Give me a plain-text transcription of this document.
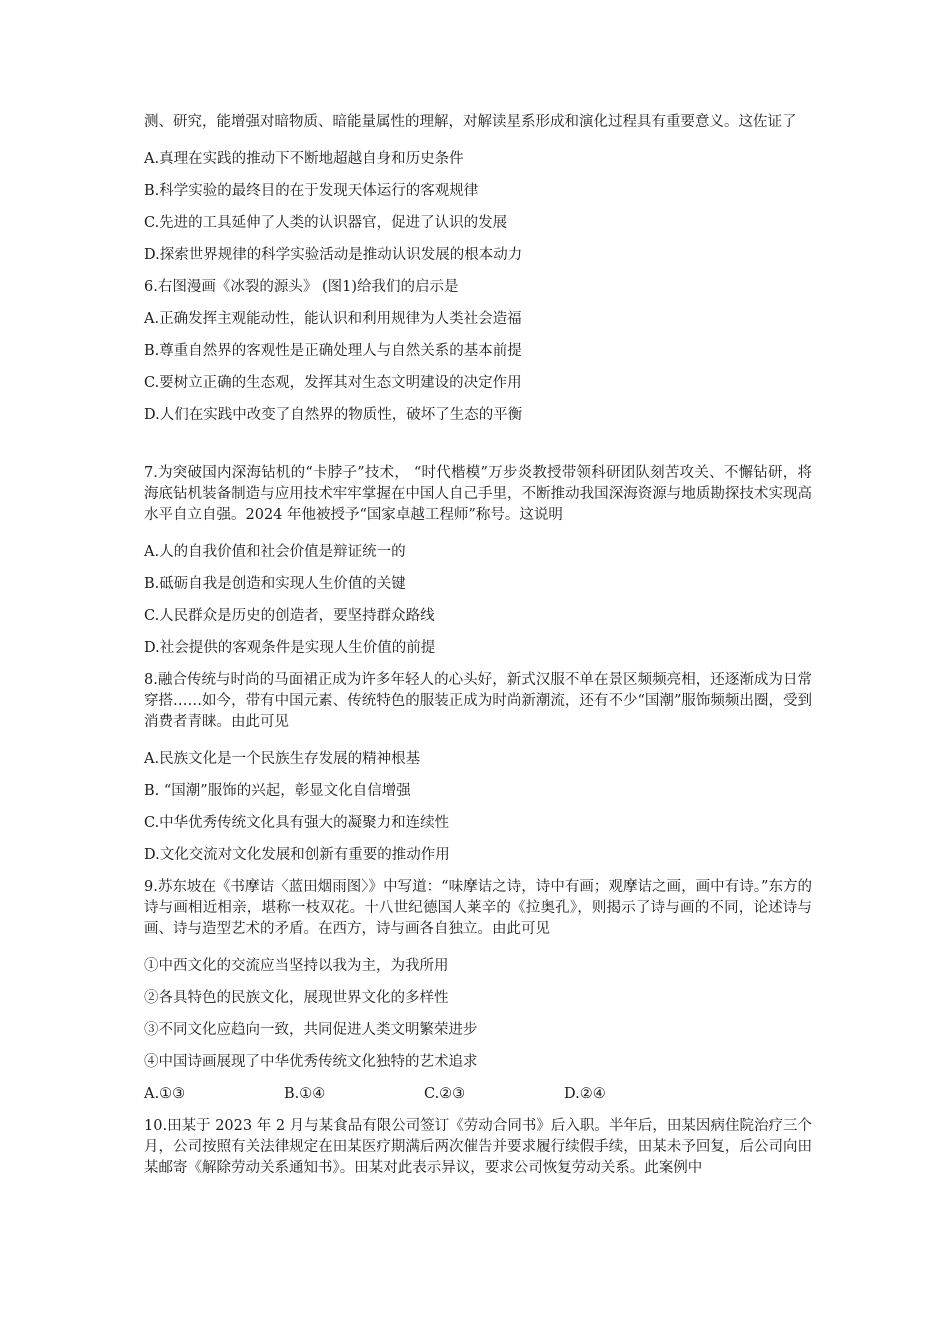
测、研究，能增强对暗物质、暗能量属性的理解，对解读星系形成和演化过程具有重要意义。这佐证了

A.真理在实践的推动下不断地超越自身和历史条件

B.科学实验的最终目的在于发现天体运行的客观规律

C.先进的工具延伸了人类的认识器官，促进了认识的发展

D.探索世界规律的科学实验活动是推动认识发展的根本动力

6.右图漫画《冰裂的源头》 (图1)给我们的启示是

A.正确发挥主观能动性，能认识和利用规律为人类社会造福

B.尊重自然界的客观性是正确处理人与自然关系的基本前提

C.要树立正确的生态观，发挥其对生态文明建设的决定作用

D.人们在实践中改变了自然界的物质性，破坏了生态的平衡

7.为突破国内深海钻机的“卡脖子”技术， “时代楷模”万步炎教授带领科研团队刻苦攻关、不懈钻研，将海底钻机装备制造与应用技术牢牢掌握在中国人自己手里，不断推动我国深海资源与地质勘探技术实现高水平自立自强。2024 年他被授予“国家卓越工程师”称号。这说明

A.人的自我价值和社会价值是辩证统一的

B.砥砺自我是创造和实现人生价值的关键

C.人民群众是历史的创造者，要坚持群众路线

D.社会提供的客观条件是实现人生价值的前提

8.融合传统与时尚的马面裙正成为许多年轻人的心头好，新式汉服不单在景区频频亮相，还逐渐成为日常穿搭……如今，带有中国元素、传统特色的服装正成为时尚新潮流，还有不少“国潮”服饰频频出圈，受到消费者青睐。由此可见

A.民族文化是一个民族生存发展的精神根基

B. “国潮”服饰的兴起，彰显文化自信增强

C.中华优秀传统文化具有强大的凝聚力和连续性

D.文化交流对文化发展和创新有重要的推动作用

9.苏东坡在《书摩诘〈蓝田烟雨图〉》中写道：“味摩诘之诗，诗中有画；观摩诘之画，画中有诗。”东方的诗与画相近相亲，堪称一枝双花。十八世纪德国人莱辛的《拉奥孔》，则揭示了诗与画的不同，论述诗与画、诗与造型艺术的矛盾。在西方，诗与画各自独立。由此可见

①中西文化的交流应当坚持以我为主，为我所用

②各具特色的民族文化，展现世界文化的多样性

③不同文化应趋向一致，共同促进人类文明繁荣进步

④中国诗画展现了中华优秀传统文化独特的艺术追求

A.①③	B.①④	C.②③	D.②④

10.田某于 2023 年 2 月与某食品有限公司签订《劳动合同书》后入职。半年后，田某因病住院治疗三个月，公司按照有关法律规定在田某医疗期满后两次催告并要求履行续假手续，田某未予回复，后公司向田某邮寄《解除劳动关系通知书》。田某对此表示异议，要求公司恢复劳动关系。此案例中
